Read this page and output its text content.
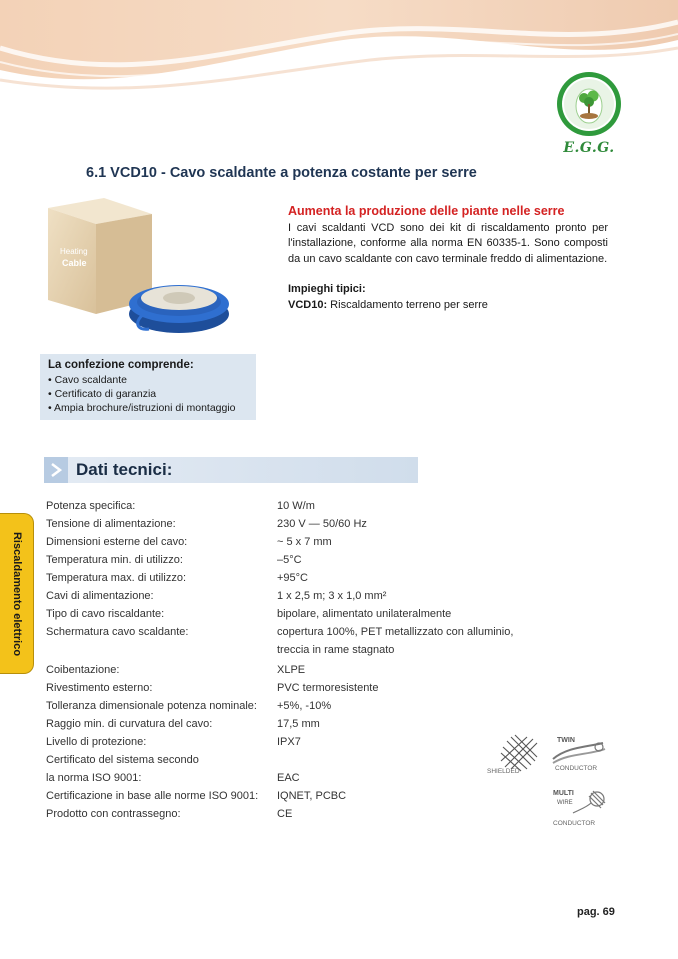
E.G.G.
6.1 VCD10 - Cavo scaldante a potenza costante per serre
Heating
Cable
Aumenta la produzione delle piante nelle serre
I cavi scaldanti VCD sono dei kit di riscaldamento pronto per l'installazione, conforme alla norma EN 60335-1. Sono composti da un cavo scaldante con cavo terminale freddo di alimentazione.
Impieghi tipici:
VCD10: Riscaldamento terreno per serre
La confezione comprende:
• Cavo scaldante
• Certificato di garanzia
• Ampia brochure/istruzioni di montaggio
Riscaldamento elettrico
Dati tecnici:
Potenza specifica:	10 W/m
Tensione di alimentazione:	230 V — 50/60 Hz
Dimensioni esterne del cavo:	~ 5 x 7 mm
Temperatura min. di utilizzo:	–5°C
Temperatura max. di utilizzo:	+95°C
Cavi di alimentazione:	1 x 2,5 m; 3 x 1,0 mm²
Tipo di cavo riscaldante:	bipolare, alimentato unilateralmente
Schermatura cavo scaldante:	copertura 100%, PET metallizzato con alluminio,
treccia in rame stagnato
Coibentazione:	XLPE
Rivestimento esterno:	PVC termoresistente
Tolleranza dimensionale potenza nominale:	+5%, -10%
Raggio min. di curvatura del cavo:	17,5 mm
Livello di protezione:	IPX7
Certificato del sistema secondo
la norma ISO 9001:	EAC
Certificazione in base alle norme ISO 9001:	IQNET, PCBC
Prodotto con contrassegno:	CE
SHIELDED
TWIN
CONDUCTOR
MULTI
WIRE
CONDUCTOR
pag. 69
